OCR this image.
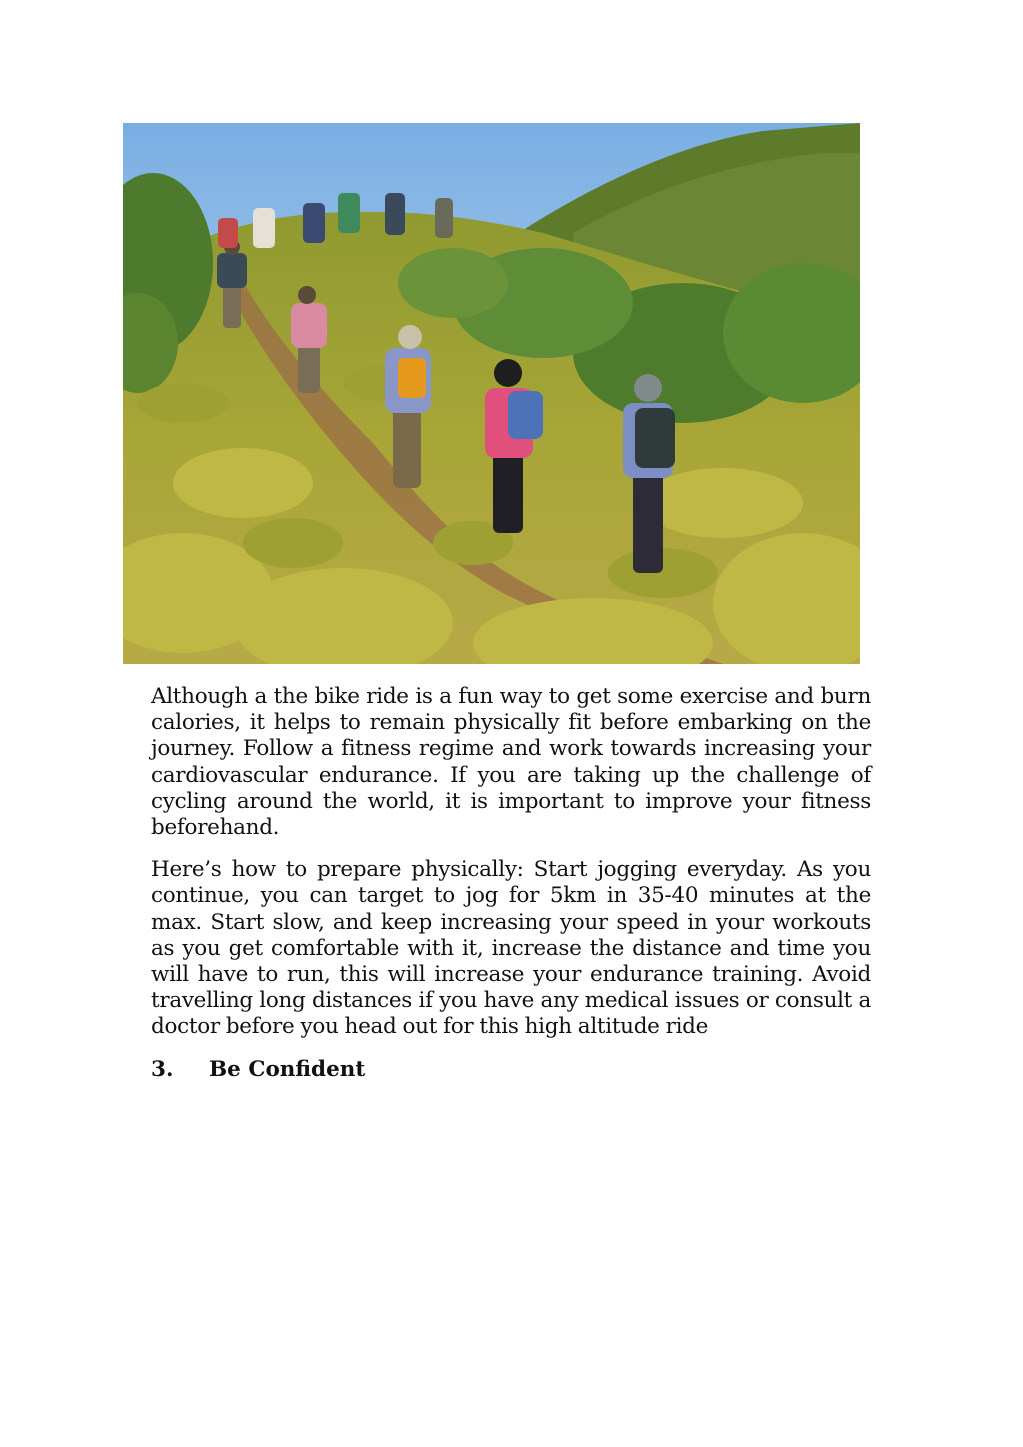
Although a the bike ride is a fun way to get some exercise and burn calories, it helps to remain physically fit before embarking on the journey. Follow a fitness regime and work towards increasing your cardiovascular endurance. If you are taking up the challenge of cycling around the world, it is important to improve your fitness beforehand.

Here’s how to prepare physically: Start jogging everyday. As you continue, you can target to jog for 5km in 35-40 minutes at the max. Start slow, and keep increasing your speed in your workouts as you get comfortable with it, increase the distance and time you will have to run, this will increase your endurance training. Avoid travelling long distances if you have any medical issues or consult a doctor before you head out for this high altitude ride

3.	Be Confident
